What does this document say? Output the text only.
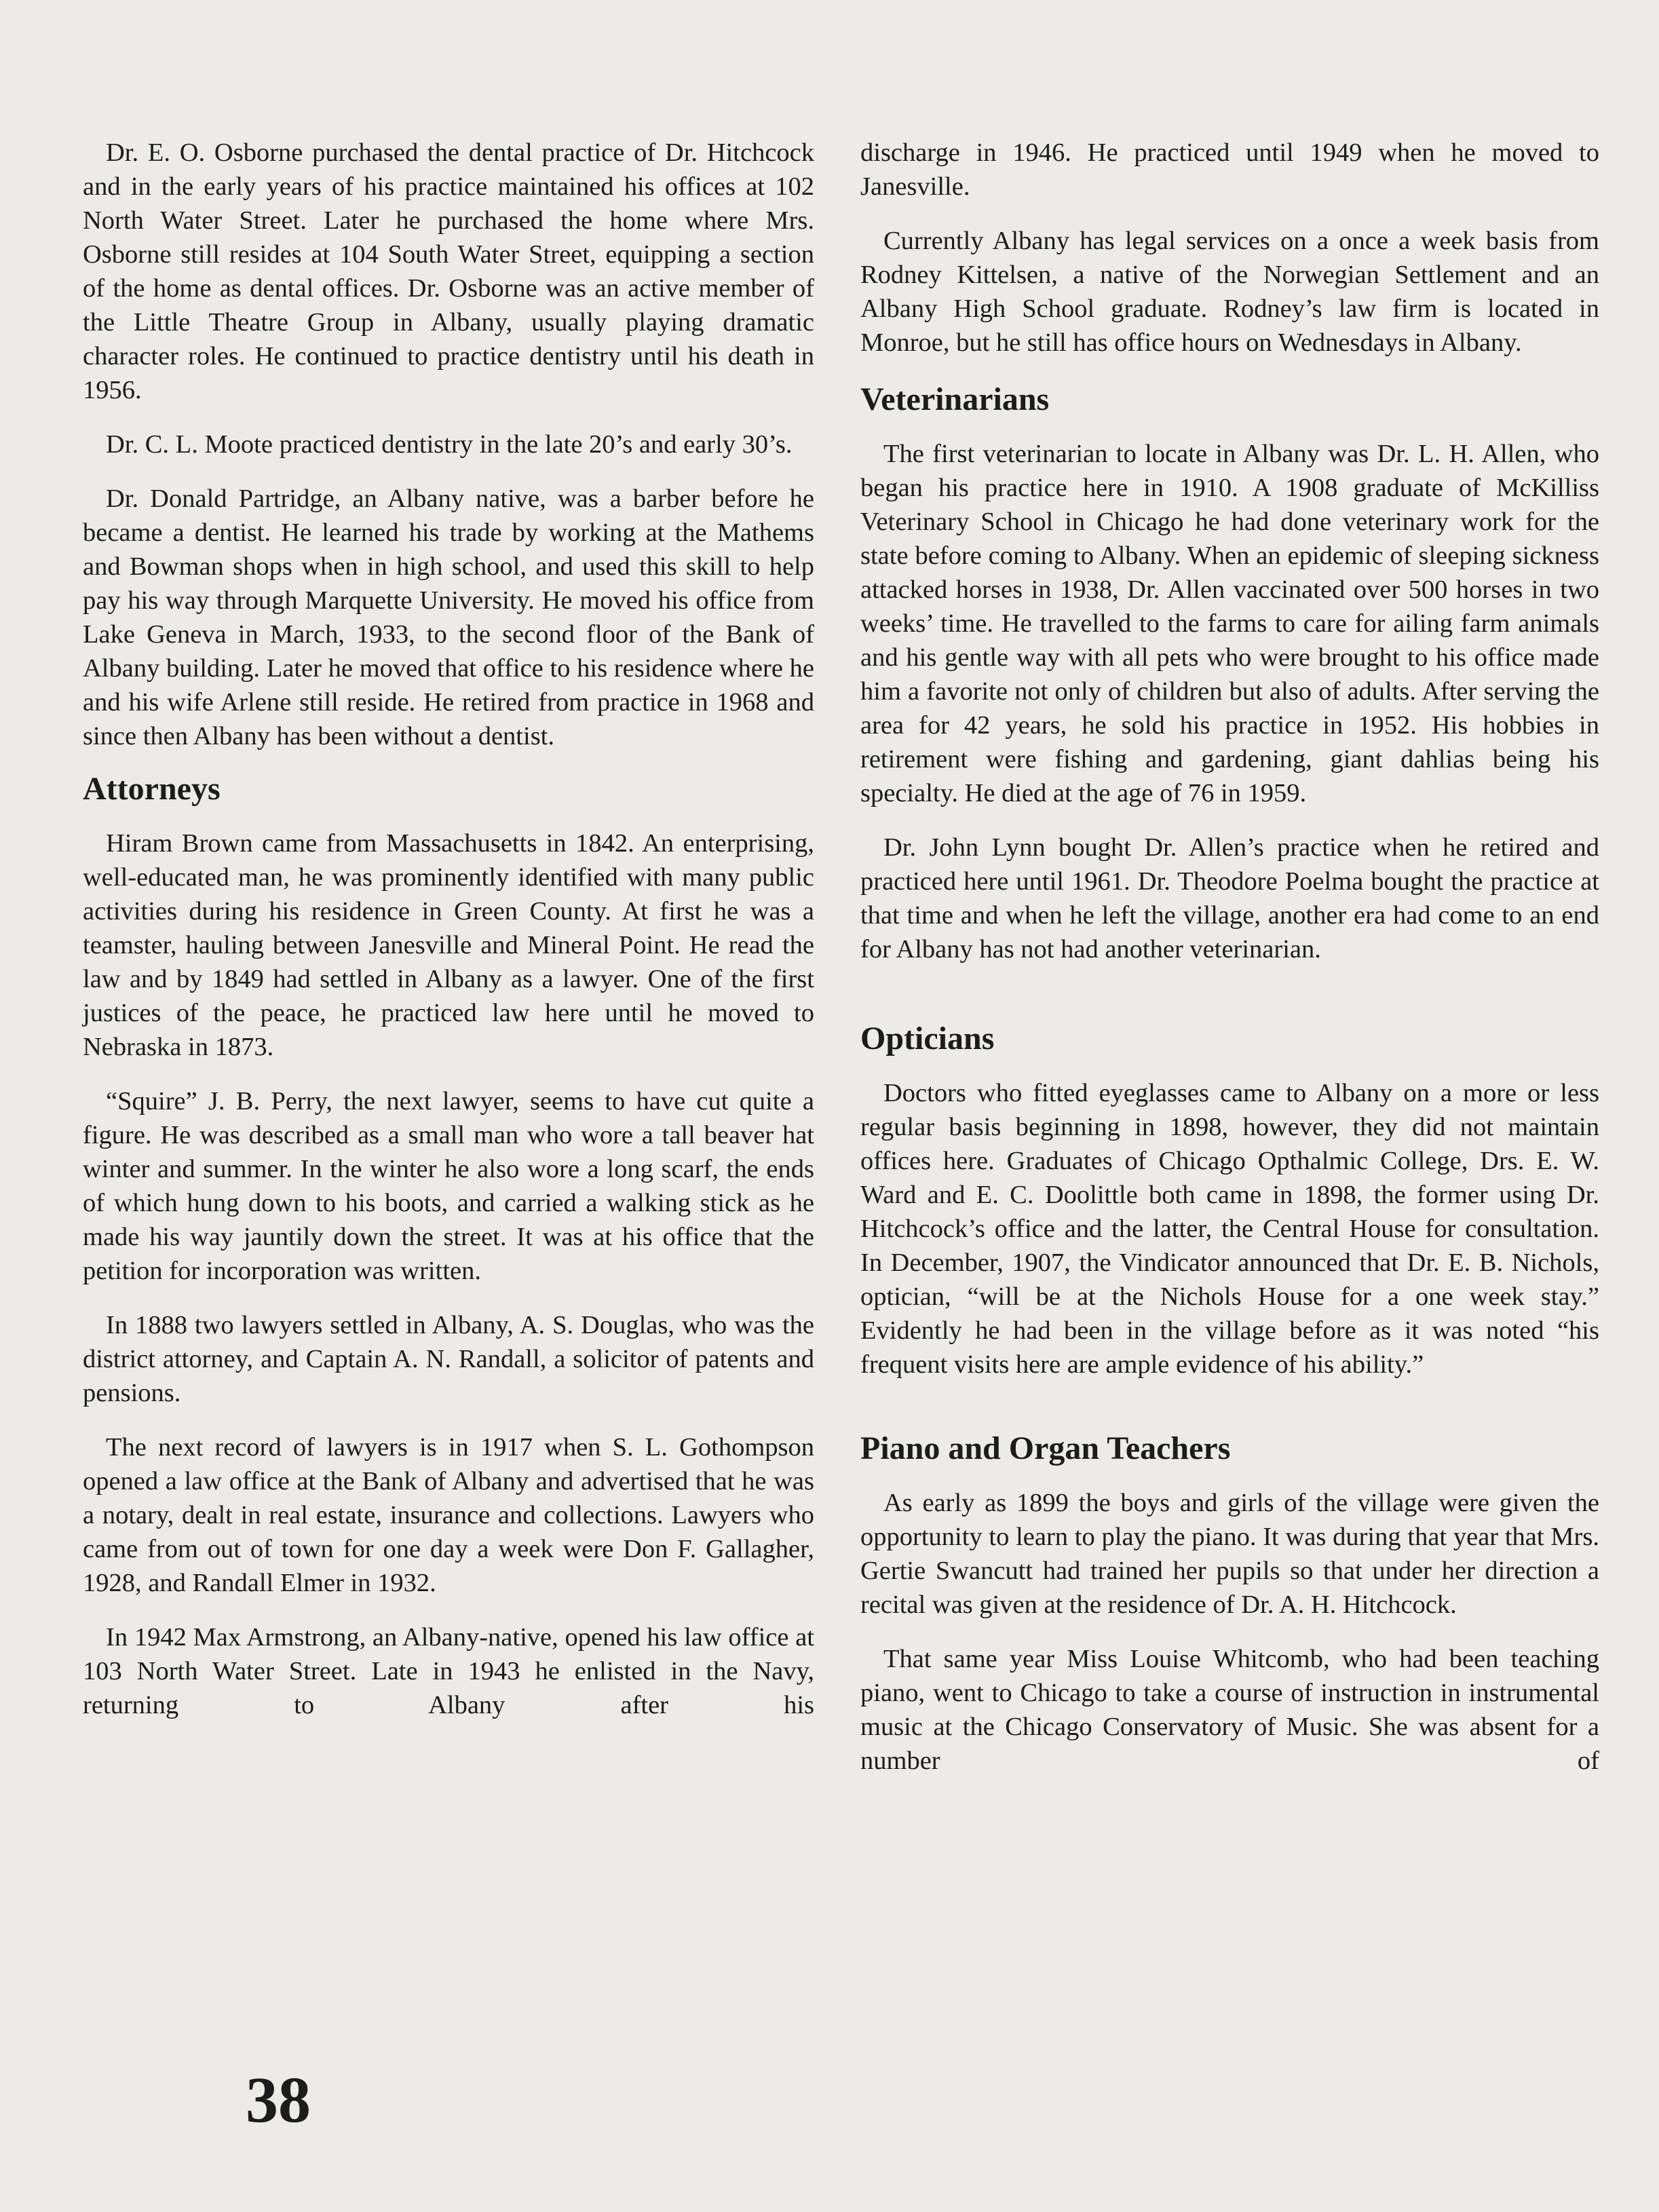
Dr. E. O. Osborne purchased the dental practice of Dr. Hitchcock and in the early years of his practice maintained his offices at 102 North Water Street. Later he purchased the home where Mrs. Osborne still resides at 104 South Water Street, equipping a section of the home as dental offices. Dr. Osborne was an active member of the Little Theatre Group in Albany, usually playing dramatic character roles. He continued to practice dentistry until his death in 1956.

Dr. C. L. Moote practiced dentistry in the late 20’s and early 30’s.

Dr. Donald Partridge, an Albany native, was a barber before he became a dentist. He learned his trade by working at the Mathems and Bowman shops when in high school, and used this skill to help pay his way through Marquette University. He moved his office from Lake Geneva in March, 1933, to the second floor of the Bank of Albany building. Later he moved that office to his residence where he and his wife Arlene still reside. He retired from practice in 1968 and since then Albany has been without a dentist.

Attorneys

Hiram Brown came from Massachusetts in 1842. An enterprising, well-educated man, he was prominently identified with many public activities during his residence in Green County. At first he was a teamster, hauling between Janesville and Mineral Point. He read the law and by 1849 had settled in Albany as a lawyer. One of the first justices of the peace, he practiced law here until he moved to Nebraska in 1873.

“Squire” J. B. Perry, the next lawyer, seems to have cut quite a figure. He was described as a small man who wore a tall beaver hat winter and summer. In the winter he also wore a long scarf, the ends of which hung down to his boots, and carried a walking stick as he made his way jauntily down the street. It was at his office that the petition for incorporation was written.

In 1888 two lawyers settled in Albany, A. S. Douglas, who was the district attorney, and Captain A. N. Randall, a solicitor of patents and pensions.

The next record of lawyers is in 1917 when S. L. Gothompson opened a law office at the Bank of Albany and advertised that he was a notary, dealt in real estate, insurance and collections. Lawyers who came from out of town for one day a week were Don F. Gallagher, 1928, and Randall Elmer in 1932.

In 1942 Max Armstrong, an Albany-native, opened his law office at 103 North Water Street. Late in 1943 he enlisted in the Navy, returning to Albany after his

discharge in 1946. He practiced until 1949 when he moved to Janesville.

Currently Albany has legal services on a once a week basis from Rodney Kittelsen, a native of the Norwegian Settlement and an Albany High School graduate. Rodney’s law firm is located in Monroe, but he still has office hours on Wednesdays in Albany.

Veterinarians

The first veterinarian to locate in Albany was Dr. L. H. Allen, who began his practice here in 1910. A 1908 graduate of McKilliss Veterinary School in Chicago he had done veterinary work for the state before coming to Albany. When an epidemic of sleeping sickness attacked horses in 1938, Dr. Allen vaccinated over 500 horses in two weeks’ time. He travelled to the farms to care for ailing farm animals and his gentle way with all pets who were brought to his office made him a favorite not only of children but also of adults. After serving the area for 42 years, he sold his practice in 1952. His hobbies in retirement were fishing and gardening, giant dahlias being his specialty. He died at the age of 76 in 1959.

Dr. John Lynn bought Dr. Allen’s practice when he retired and practiced here until 1961. Dr. Theodore Poelma bought the practice at that time and when he left the village, another era had come to an end for Albany has not had another veterinarian.

Opticians

Doctors who fitted eyeglasses came to Albany on a more or less regular basis beginning in 1898, however, they did not maintain offices here. Graduates of Chicago Opthalmic College, Drs. E. W. Ward and E. C. Doolittle both came in 1898, the former using Dr. Hitchcock’s office and the latter, the Central House for consultation. In December, 1907, the Vindicator announced that Dr. E. B. Nichols, optician, “will be at the Nichols House for a one week stay.” Evidently he had been in the village before as it was noted “his frequent visits here are ample evidence of his ability.”

Piano and Organ Teachers

As early as 1899 the boys and girls of the village were given the opportunity to learn to play the piano. It was during that year that Mrs. Gertie Swancutt had trained her pupils so that under her direction a recital was given at the residence of Dr. A. H. Hitchcock.

That same year Miss Louise Whitcomb, who had been teaching piano, went to Chicago to take a course of instruction in instrumental music at the Chicago Conservatory of Music. She was absent for a number of

38
